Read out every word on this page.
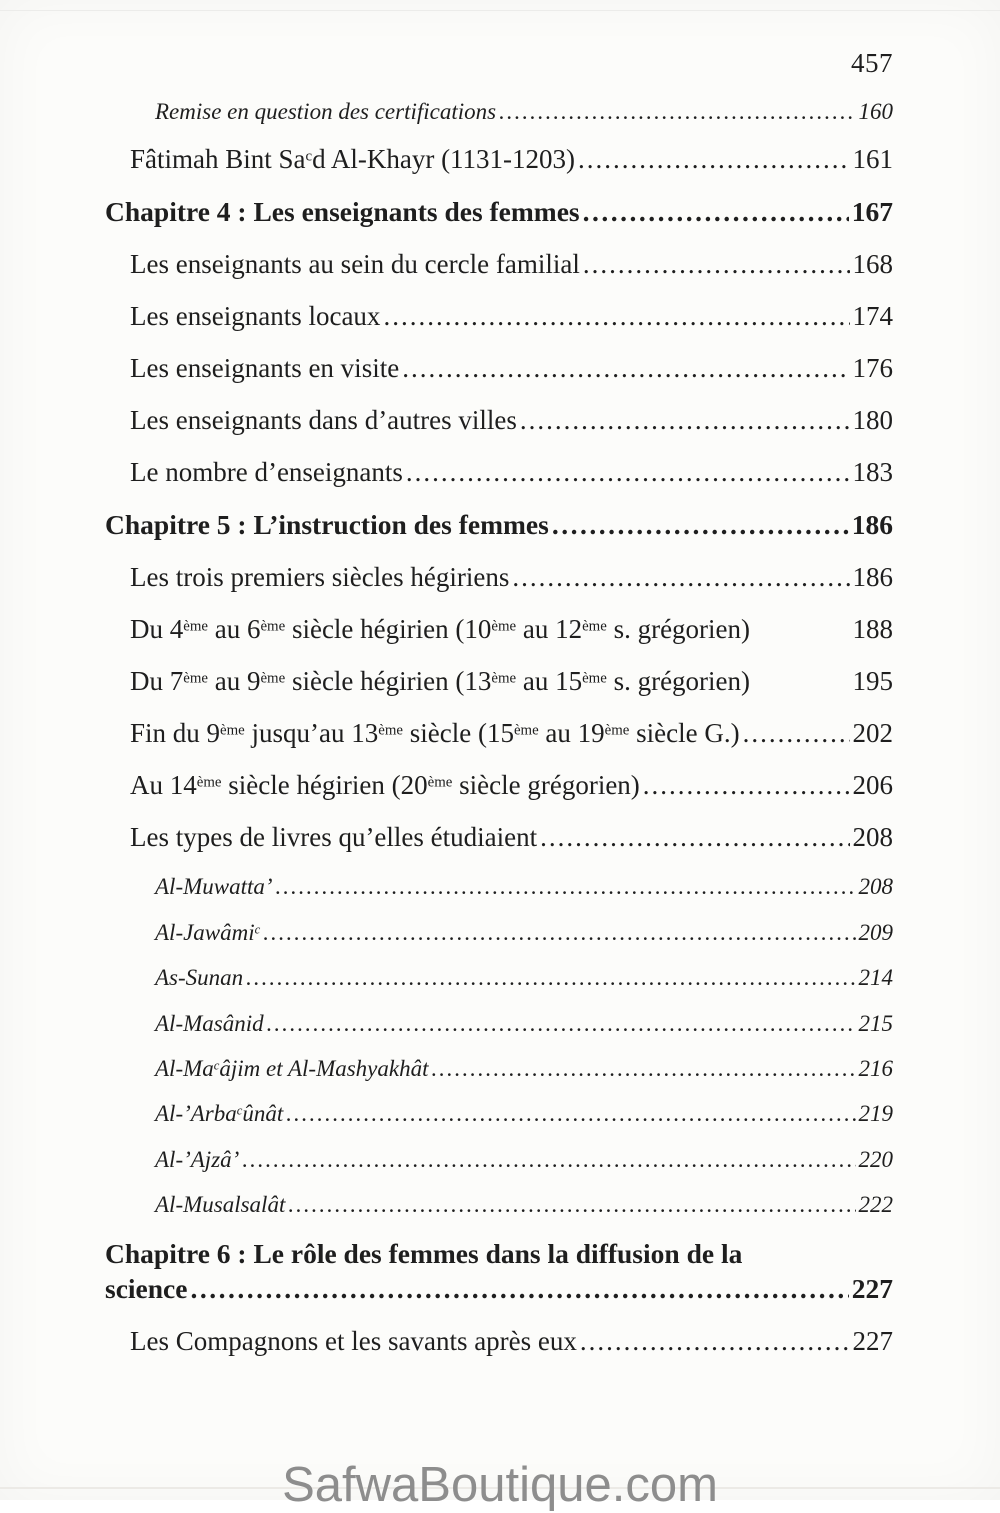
457
Remise en question des certifications .....	160
Fâtimah Bint Sa$^c$d Al-Khayr (1131-1203) .....	161
Chapitre 4 : Les enseignants des femmes .....	167
Les enseignants au sein du cercle familial .....	168
Les enseignants locaux .....	174
Les enseignants en visite .....	176
Les enseignants dans d’autres villes .....	180
Le nombre d’enseignants .....	183
Chapitre 5 : L’instruction des femmes .....	186
Les trois premiers siècles hégiriens .....	186
Du 4ème au 6ème siècle hégirien (10ème au 12ème s. grégorien)	188
Du 7ème au 9ème siècle hégirien (13ème au 15ème s. grégorien)	195
Fin du 9ème jusqu’au 13ème siècle (15ème au 19ème siècle G.) .....	202
Au 14ème siècle hégirien (20ème siècle grégorien) .....	206
Les types de livres qu’elles étudiaient .....	208
Al-Muwatta’ .....	208
Al-Jawâmi$^c$ .....	209
As-Sunan .....	214
Al-Masânid .....	215
Al-Ma$^c$âjim et Al-Mashyakhât .....	216
Al-’Arba$^c$ûnât .....	219
Al-’Ajzâ’ .....	220
Al-Musalsalât .....	222
Chapitre 6 : Le rôle des femmes dans la diffusion de la
science .....	227
Les Compagnons et les savants après eux .....	227
SafwaBoutique.com
